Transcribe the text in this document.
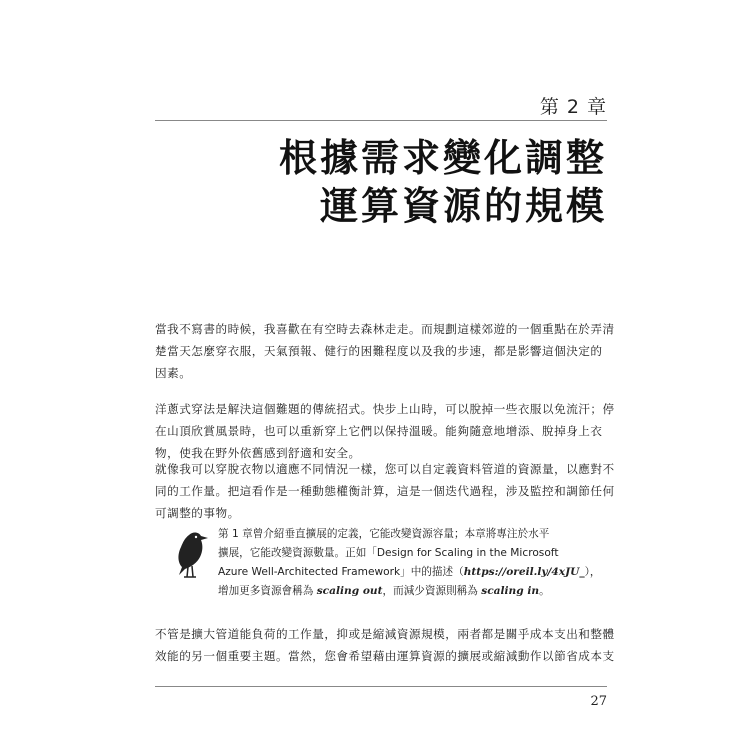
第 2 章
根據需求變化調整
運算資源的規模
當我不寫書的時候，我喜歡在有空時去森林走走。而規劃這樣郊遊的一個重點在於弄清
楚當天怎麼穿衣服，天氣預報、健行的困難程度以及我的步速，都是影響這個決定的
因素。
洋蔥式穿法是解決這個難題的傳統招式。快步上山時，可以脫掉一些衣服以免流汗；停
在山頂欣賞風景時，也可以重新穿上它們以保持溫暖。能夠隨意地增添、脫掉身上衣
物，使我在野外依舊感到舒適和安全。
就像我可以穿脫衣物以適應不同情況一樣，您可以自定義資料管道的資源量，以應對不
同的工作量。把這看作是一種動態權衡計算，這是一個迭代過程，涉及監控和調節任何
可調整的事物。
第 1 章曾介紹垂直擴展的定義，它能改變資源容量；本章將專注於水平
擴展，它能改變資源數量。正如「Design for Scaling in the Microsoft
Azure Well-Architected Framework」中的描述（https://oreil.ly/4xJU_），
增加更多資源會稱為 scaling out，而減少資源則稱為 scaling in。
不管是擴大管道能負荷的工作量，抑或是縮減資源規模，兩者都是關乎成本支出和整體
效能的另一個重要主題。當然，您會希望藉由運算資源的擴展或縮減動作以節省成本支
27
